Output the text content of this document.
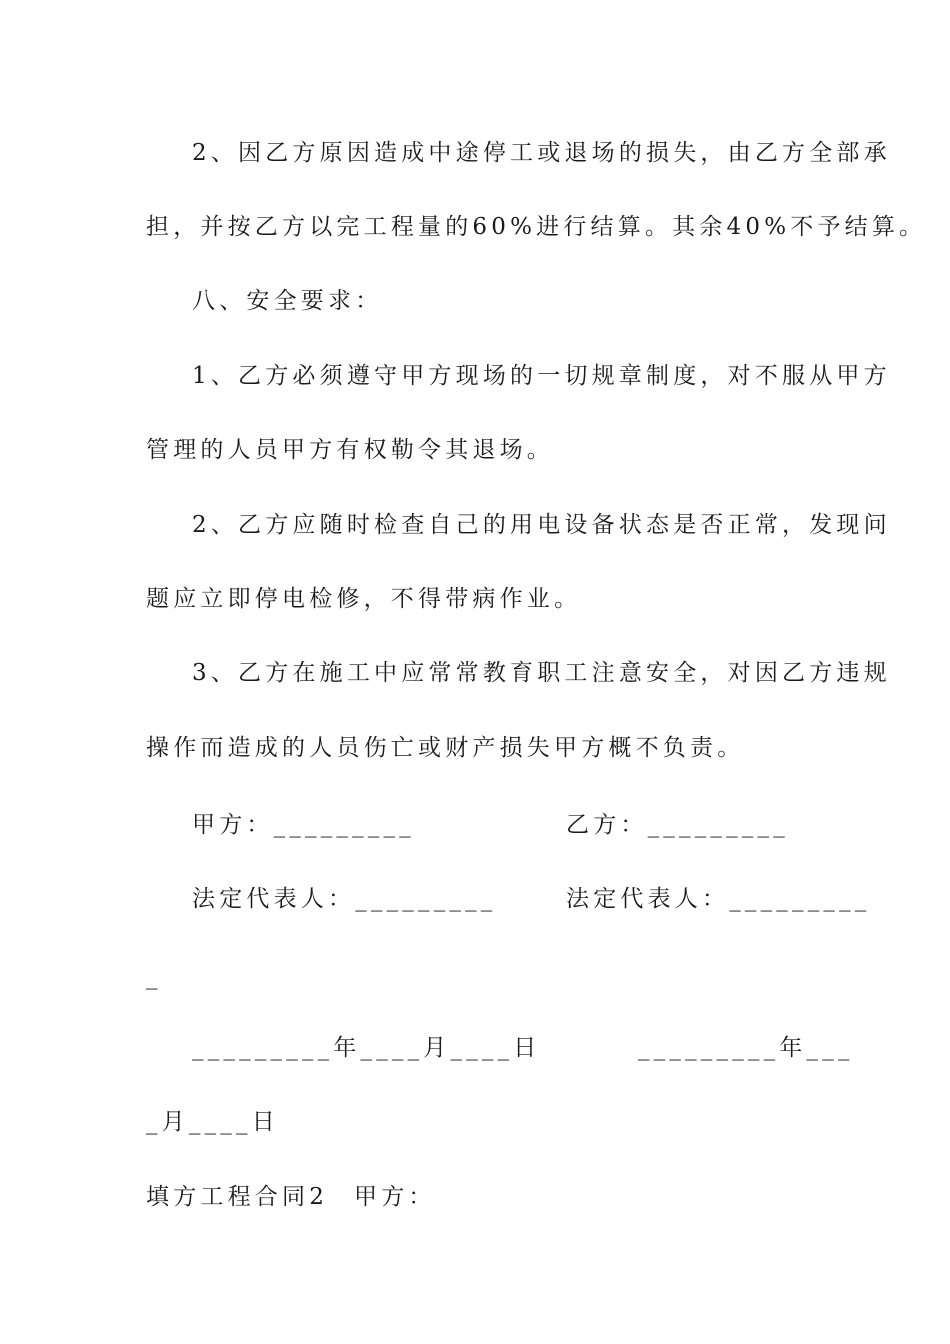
2、因乙方原因造成中途停工或退场的损失，由乙方全部承
担，并按乙方以完工程量的60%进行结算。其余40%不予结算。
八、安全要求：
1、乙方必须遵守甲方现场的一切规章制度，对不服从甲方
管理的人员甲方有权勒令其退场。
2、乙方应随时检查自己的用电设备状态是否正常，发现问
题应立即停电检修，不得带病作业。
3、乙方在施工中应常常教育职工注意安全，对因乙方违规
操作而造成的人员伤亡或财产损失甲方概不负责。
甲方：_________	乙方：_________
法定代表人：_________	法定代表人：_________
_
_________年____月____日	_________年___
_月____日
填方工程合同2 甲方：
